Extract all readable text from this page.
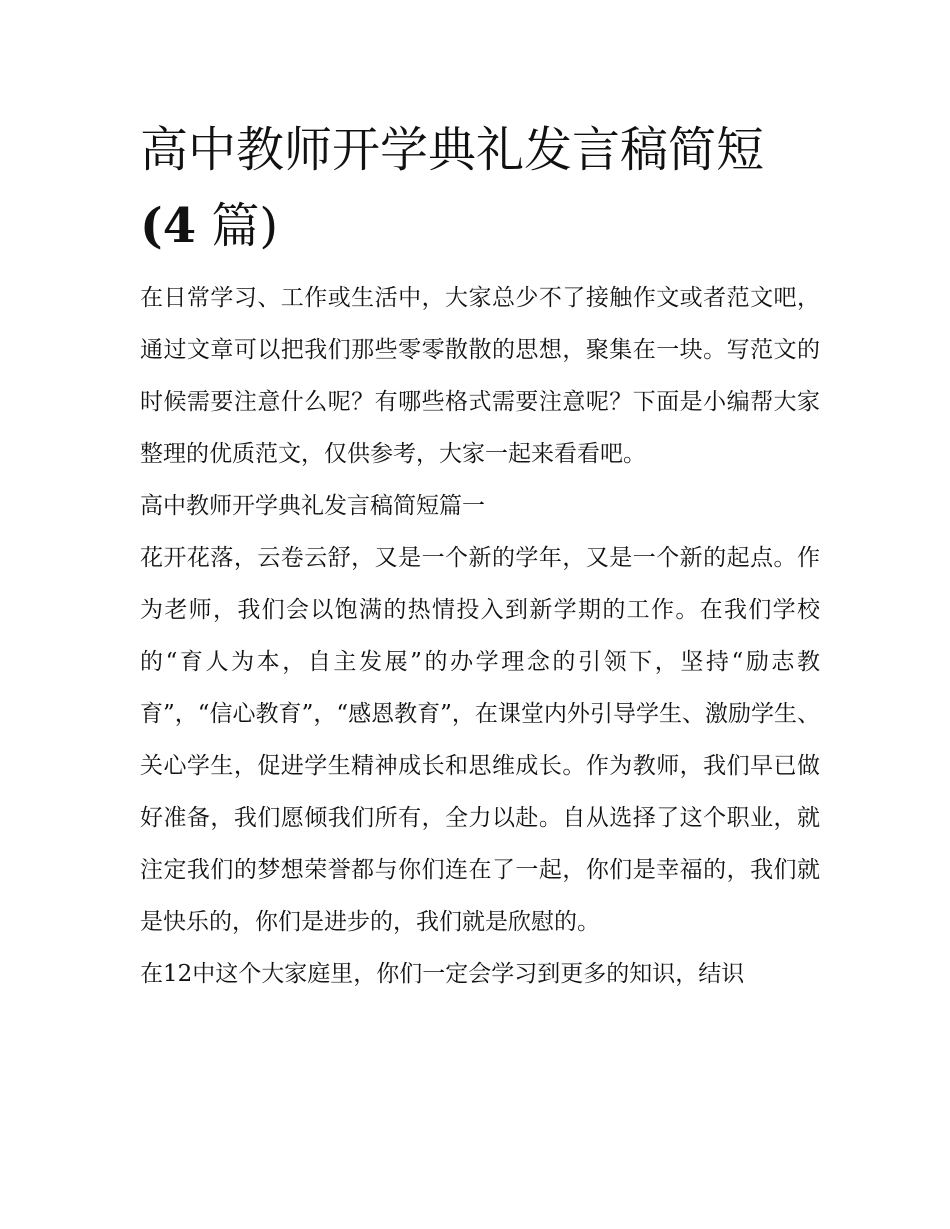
高中教师开学典礼发言稿简短
(4 篇)

在日常学习、工作或生活中，大家总少不了接触作文或者范文吧，通过文章可以把我们那些零零散散的思想，聚集在一块。写范文的时候需要注意什么呢？有哪些格式需要注意呢？下面是小编帮大家整理的优质范文，仅供参考，大家一起来看看吧。

高中教师开学典礼发言稿简短篇一

花开花落，云卷云舒，又是一个新的学年，又是一个新的起点。作为老师，我们会以饱满的热情投入到新学期的工作。在我们学校的“育人为本，自主发展”的办学理念的引领下，坚持“励志教育”，“信心教育”，“感恩教育”，在课堂内外引导学生、激励学生、关心学生，促进学生精神成长和思维成长。作为教师，我们早已做好准备，我们愿倾我们所有，全力以赴。自从选择了这个职业，就注定我们的梦想荣誉都与你们连在了一起，你们是幸福的，我们就是快乐的，你们是进步的，我们就是欣慰的。

在12中这个大家庭里，你们一定会学习到更多的知识，结识
